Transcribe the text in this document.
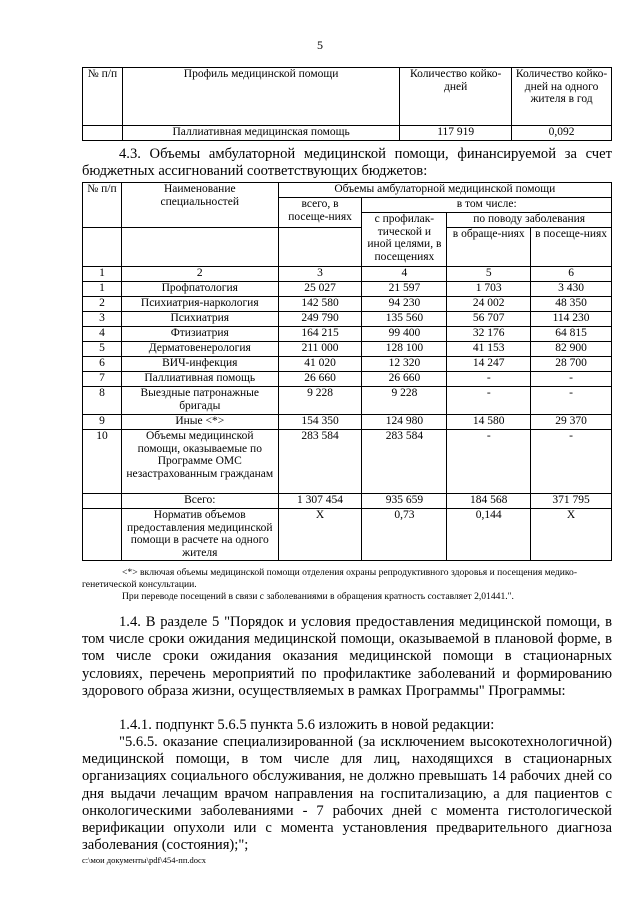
5
№ п/п	Профиль медицинской помощи	Количество койко-дней	Количество койко-дней на одного жителя в год
	Паллиативная медицинская помощь	117 919	0,092
4.3. Объемы амбулаторной медицинской помощи, финансируемой за счет бюджетных ассигнований соответствующих бюджетов:
№ п/п	Наименование специальностей	Объемы амбулаторной медицинской помощи			
		всего, в посеще-ниях	в том числе:		
			с профилак-тической и иной целями, в посещениях	по поводу заболевания	
				в обраще-ниях	в посеще-ниях
1	2	3	4	5	6
1	Профпатология	25 027	21 597	1 703	3 430
2	Психиатрия-наркология	142 580	94 230	24 002	48 350
3	Психиатрия	249 790	135 560	56 707	114 230
4	Фтизиатрия	164 215	99 400	32 176	64 815
5	Дерматовенерология	211 000	128 100	41 153	82 900
6	ВИЧ-инфекция	41 020	12 320	14 247	28 700
7	Паллиативная помощь	26 660	26 660	-	-
8	Выездные патронажные бригады	9 228	9 228	-	-
9	Иные <*>	154 350	124 980	14 580	29 370
10	Объемы медицинской помощи, оказываемые по Программе ОМС незастрахованным гражданам	283 584	283 584	-	-
	Всего:	1 307 454	935 659	184 568	371 795
	Норматив объемов предоставления медицинской помощи в расчете на одного жителя	X	0,73	0,144	X
<*> включая объемы медицинской помощи отделения охраны репродуктивного здоровья и посещения медико-генетической консультации.
При переводе посещений в связи с заболеваниями в обращения кратность составляет 2,01441.".
1.4. В разделе 5 "Порядок и условия предоставления медицинской помощи, в том числе сроки ожидания медицинской помощи, оказываемой в плановой форме, в том числе сроки ожидания оказания медицинской помощи в стационарных условиях, перечень мероприятий по профилактике заболеваний и формированию здорового образа жизни, осуществляемых в рамках Программы" Программы:
1.4.1. подпункт 5.6.5 пункта 5.6 изложить в новой редакции:
"5.6.5. оказание специализированной (за исключением высокотехнологичной) медицинской помощи, в том числе для лиц, находящихся в стационарных организациях социального обслуживания, не должно превышать 14 рабочих дней со дня выдачи лечащим врачом направления на госпитализацию, а для пациентов с онкологическими заболеваниями - 7 рабочих дней с момента гистологической верификации опухоли или с момента установления предварительного диагноза заболевания (состояния);";
c:\мои документы\pdf\454-пп.docx
